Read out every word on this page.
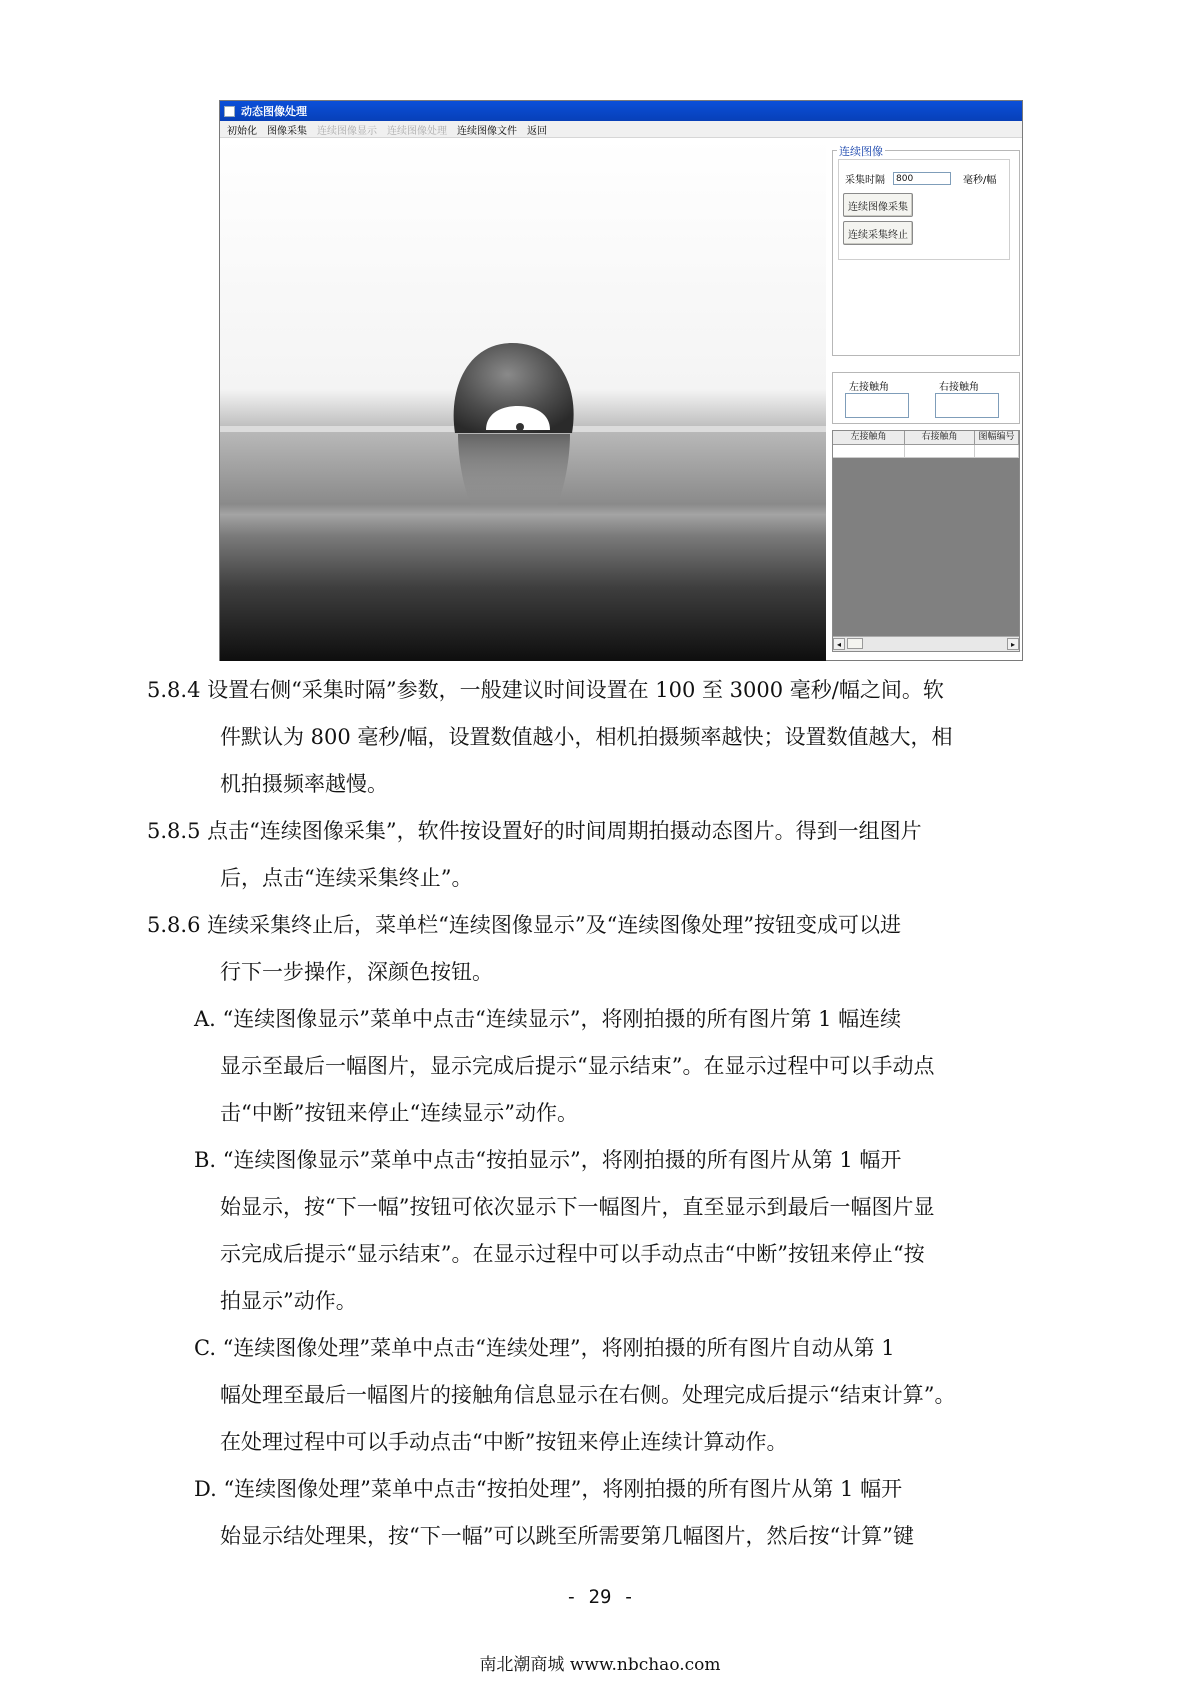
动态图像处理
初始化	图像采集	连续图像显示	连续图像处理	连续图像文件	返回
连续图像
采集时隔	800	毫秒/幅
连续图像采集
连续采集终止
左接触角	右接触角
左接触角	右接触角	图幅编号
◂	▸
5.8.4 设置右侧“采集时隔”参数，一般建议时间设置在 100 至 3000 毫秒/幅之间。软
件默认为 800 毫秒/幅，设置数值越小，相机拍摄频率越快；设置数值越大，相
机拍摄频率越慢。
5.8.5 点击“连续图像采集”，软件按设置好的时间周期拍摄动态图片。得到一组图片
后，点击“连续采集终止”。
5.8.6 连续采集终止后，菜单栏“连续图像显示”及“连续图像处理”按钮变成可以进
行下一步操作，深颜色按钮。
A. “连续图像显示”菜单中点击“连续显示”，将刚拍摄的所有图片第 1 幅连续
显示至最后一幅图片，显示完成后提示“显示结束”。在显示过程中可以手动点
击“中断”按钮来停止“连续显示”动作。
B. “连续图像显示”菜单中点击“按拍显示”，将刚拍摄的所有图片从第 1 幅开
始显示，按“下一幅”按钮可依次显示下一幅图片，直至显示到最后一幅图片显
示完成后提示“显示结束”。在显示过程中可以手动点击“中断”按钮来停止“按
拍显示”动作。
C. “连续图像处理”菜单中点击“连续处理”，将刚拍摄的所有图片自动从第 1
幅处理至最后一幅图片的接触角信息显示在右侧。处理完成后提示“结束计算”。
在处理过程中可以手动点击“中断”按钮来停止连续计算动作。
D. “连续图像处理”菜单中点击“按拍处理”，将刚拍摄的所有图片从第 1 幅开
始显示结处理果，按“下一幅”可以跳至所需要第几幅图片，然后按“计算”键
- 29 -
南北潮商城 www.nbchao.com
